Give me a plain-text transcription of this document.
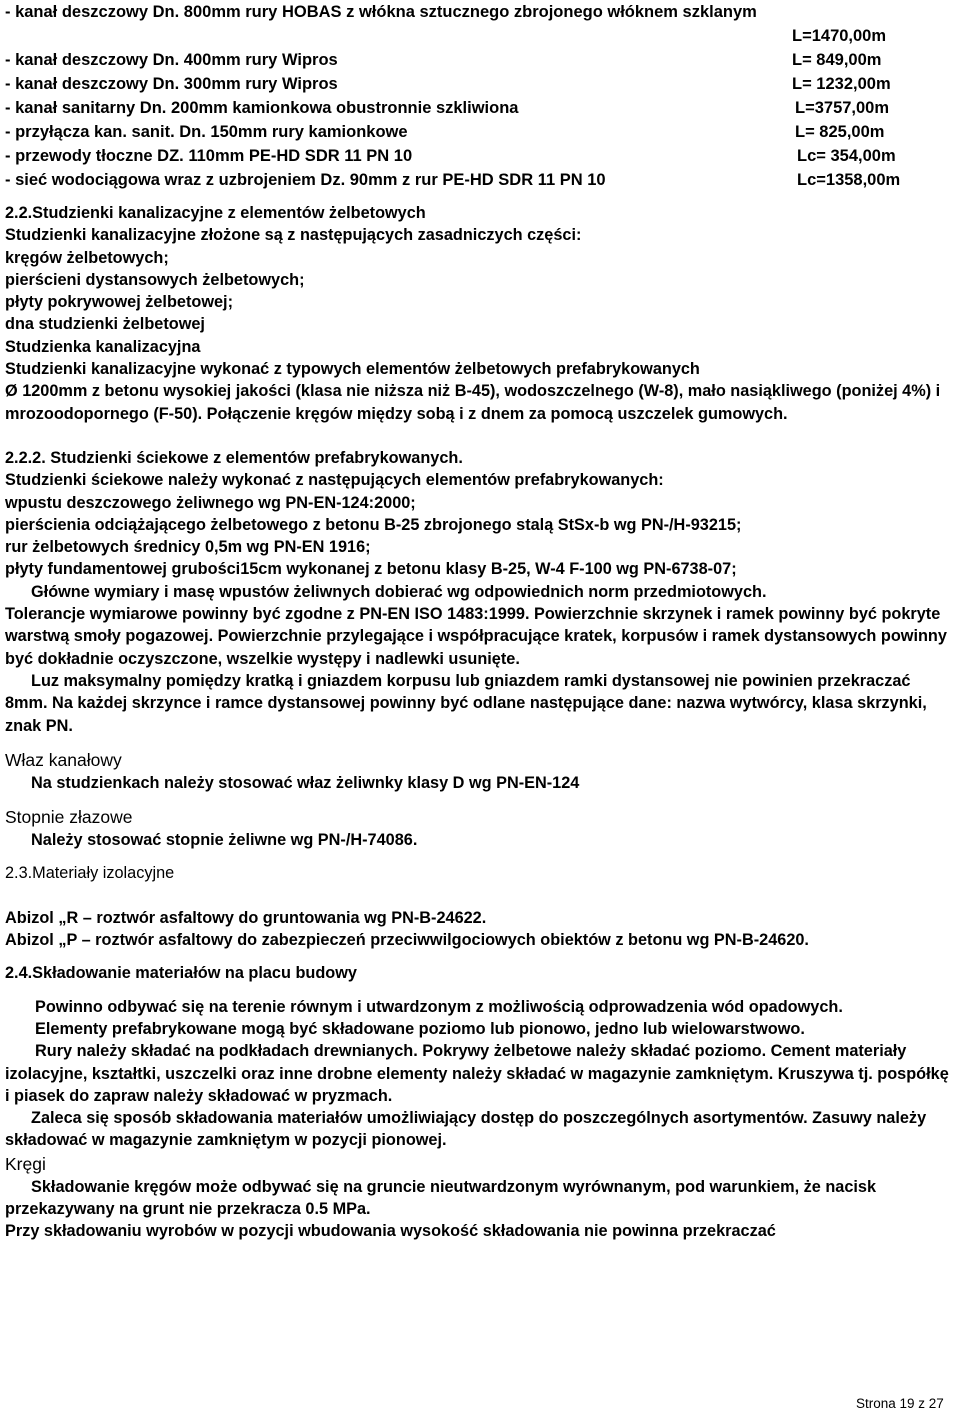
- kanał deszczowy Dn. 800mm rury HOBAS z włókna sztucznego zbrojonego włóknem szklanym
L=1470,00m
- kanał deszczowy Dn. 400mm rury Wipros	L= 849,00m
- kanał deszczowy Dn. 300mm rury Wipros	L= 1232,00m
- kanał sanitarny Dn. 200mm kamionkowa obustronnie szkliwiona	L=3757,00m
- przyłącza kan. sanit. Dn. 150mm rury kamionkowe	L= 825,00m
- przewody tłoczne DZ. 110mm PE-HD SDR 11 PN 10	Lc= 354,00m
- sieć wodociągowa wraz z uzbrojeniem Dz. 90mm z rur PE-HD SDR 11 PN 10	Lc=1358,00m

2.2.Studzienki kanalizacyjne z elementów żelbetowych

Studzienki kanalizacyjne złożone są z następujących zasadniczych części:

kręgów żelbetowych;

pierścieni dystansowych żelbetowych;

płyty pokrywowej żelbetowej;

dna studzienki żelbetowej

Studzienka kanalizacyjna

Studzienki kanalizacyjne wykonać z typowych elementów żelbetowych prefabrykowanych

Ø 1200mm z betonu wysokiej jakości (klasa nie niższa niż B-45), wodoszczelnego (W-8), mało nasiąkliwego (poniżej 4%) i mrozoodopornego (F-50). Połączenie kręgów między sobą i z dnem za pomocą uszczelek gumowych.

2.2.2. Studzienki ściekowe z elementów prefabrykowanych.

Studzienki ściekowe należy wykonać z następujących elementów prefabrykowanych:

wpustu deszczowego żeliwnego wg PN-EN-124:2000;

pierścienia odciążającego żelbetowego z betonu B-25 zbrojonego stalą StSx-b wg PN-/H-93215;

rur żelbetowych średnicy 0,5m wg PN-EN 1916;

płyty fundamentowej grubości15cm wykonanej z betonu klasy B-25, W-4 F-100 wg PN-6738-07;

Główne wymiary i masę wpustów żeliwnych dobierać wg odpowiednich norm przedmiotowych.

Tolerancje wymiarowe powinny być zgodne z PN-EN ISO 1483:1999. Powierzchnie skrzynek i ramek powinny być pokryte warstwą smoły pogazowej. Powierzchnie przylegające i współpracujące kratek, korpusów i ramek dystansowych powinny być dokładnie oczyszczone, wszelkie występy i nadlewki usunięte.

Luz maksymalny pomiędzy kratką i gniazdem korpusu lub gniazdem ramki dystansowej nie powinien przekraczać 8mm. Na każdej skrzynce i ramce dystansowej powinny być odlane następujące dane: nazwa wytwórcy, klasa skrzynki, znak PN.

Właz kanałowy

Na studzienkach należy stosować właz żeliwnky klasy D wg PN-EN-124

Stopnie złazowe

Należy stosować stopnie żeliwne wg PN-/H-74086.

2.3.Materiały izolacyjne

Abizol „R – roztwór asfaltowy do gruntowania wg PN-B-24622.

Abizol „P – roztwór asfaltowy do zabezpieczeń przeciwwilgociowych obiektów z betonu wg PN-B-24620.

2.4.Składowanie materiałów na placu budowy

Powinno odbywać się na terenie równym i utwardzonym z możliwością odprowadzenia wód opadowych.

Elementy prefabrykowane mogą być składowane poziomo lub pionowo, jedno lub wielowarstwowo.

Rury należy składać na podkładach drewnianych. Pokrywy żelbetowe należy składać poziomo. Cement materiały izolacyjne, kształtki, uszczelki oraz inne drobne elementy należy składać w magazynie zamkniętym. Kruszywa tj. pospółkę i piasek do zapraw należy składować w pryzmach.

Zaleca się sposób składowania materiałów umożliwiający dostęp do poszczególnych asortymentów. Zasuwy należy składować w magazynie zamkniętym w pozycji pionowej.

Kręgi

Składowanie kręgów może odbywać się na gruncie nieutwardzonym wyrównanym, pod warunkiem, że nacisk przekazywany na grunt nie przekracza 0.5 MPa.

Przy składowaniu wyrobów w pozycji wbudowania wysokość składowania nie powinna przekraczać

Strona 19 z 27
